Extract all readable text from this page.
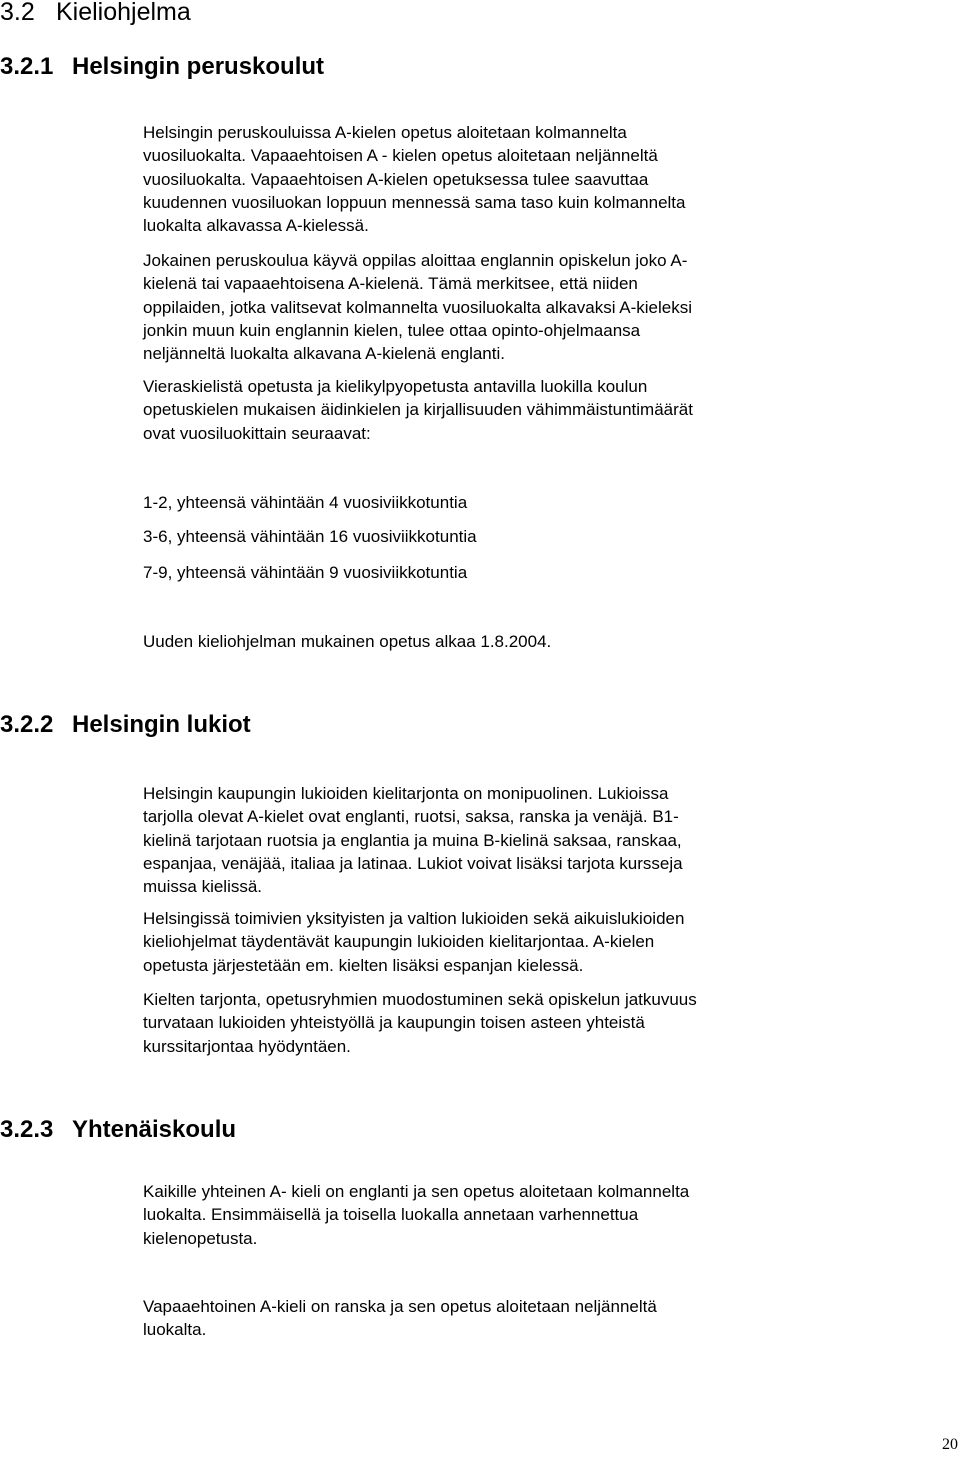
3.2 Kieliohjelma
3.2.1 Helsingin peruskoulut

Helsingin peruskouluissa A-kielen opetus aloitetaan kolmannelta
vuosiluokalta. Vapaaehtoisen A - kielen opetus aloitetaan neljänneltä
vuosiluokalta. Vapaaehtoisen A-kielen opetuksessa tulee saavuttaa
kuudennen vuosiluokan loppuun mennessä sama taso kuin kolmannelta
luokalta alkavassa A-kielessä.

Jokainen peruskoulua käyvä oppilas aloittaa englannin opiskelun joko A-
kielenä tai vapaaehtoisena A-kielenä. Tämä merkitsee, että niiden
oppilaiden, jotka valitsevat kolmannelta vuosiluokalta alkavaksi A-kieleksi
jonkin muun kuin englannin kielen, tulee ottaa opinto-ohjelmaansa
neljänneltä luokalta alkavana A-kielenä englanti.

Vieraskielistä opetusta ja kielikylpyopetusta antavilla luokilla koulun
opetuskielen mukaisen äidinkielen ja kirjallisuuden vähimmäistuntimäärät
ovat vuosiluokittain seuraavat:

1-2, yhteensä vähintään 4 vuosiviikkotuntia

3-6, yhteensä vähintään 16 vuosiviikkotuntia

7-9, yhteensä vähintään 9 vuosiviikkotuntia

Uuden kieliohjelman mukainen opetus alkaa 1.8.2004.

3.2.2 Helsingin lukiot

Helsingin kaupungin lukioiden kielitarjonta on monipuolinen. Lukioissa
tarjolla olevat A-kielet ovat englanti, ruotsi, saksa, ranska ja venäjä. B1-
kielinä tarjotaan ruotsia ja englantia ja muina B-kielinä saksaa, ranskaa,
espanjaa, venäjää, italiaa ja latinaa. Lukiot voivat lisäksi tarjota kursseja
muissa kielissä.

Helsingissä toimivien yksityisten ja valtion lukioiden sekä aikuislukioiden
kieliohjelmat täydentävät kaupungin lukioiden kielitarjontaa. A-kielen
opetusta järjestetään em. kielten lisäksi espanjan kielessä.

Kielten tarjonta, opetusryhmien muodostuminen sekä opiskelun jatkuvuus
turvataan lukioiden yhteistyöllä ja kaupungin toisen asteen yhteistä
kurssitarjontaa hyödyntäen.

3.2.3 Yhtenäiskoulu

Kaikille yhteinen A- kieli on englanti ja sen opetus aloitetaan kolmannelta
luokalta. Ensimmäisellä ja toisella luokalla annetaan varhennettua
kielenopetusta.

Vapaaehtoinen A-kieli on ranska ja sen opetus aloitetaan neljänneltä
luokalta.

20
